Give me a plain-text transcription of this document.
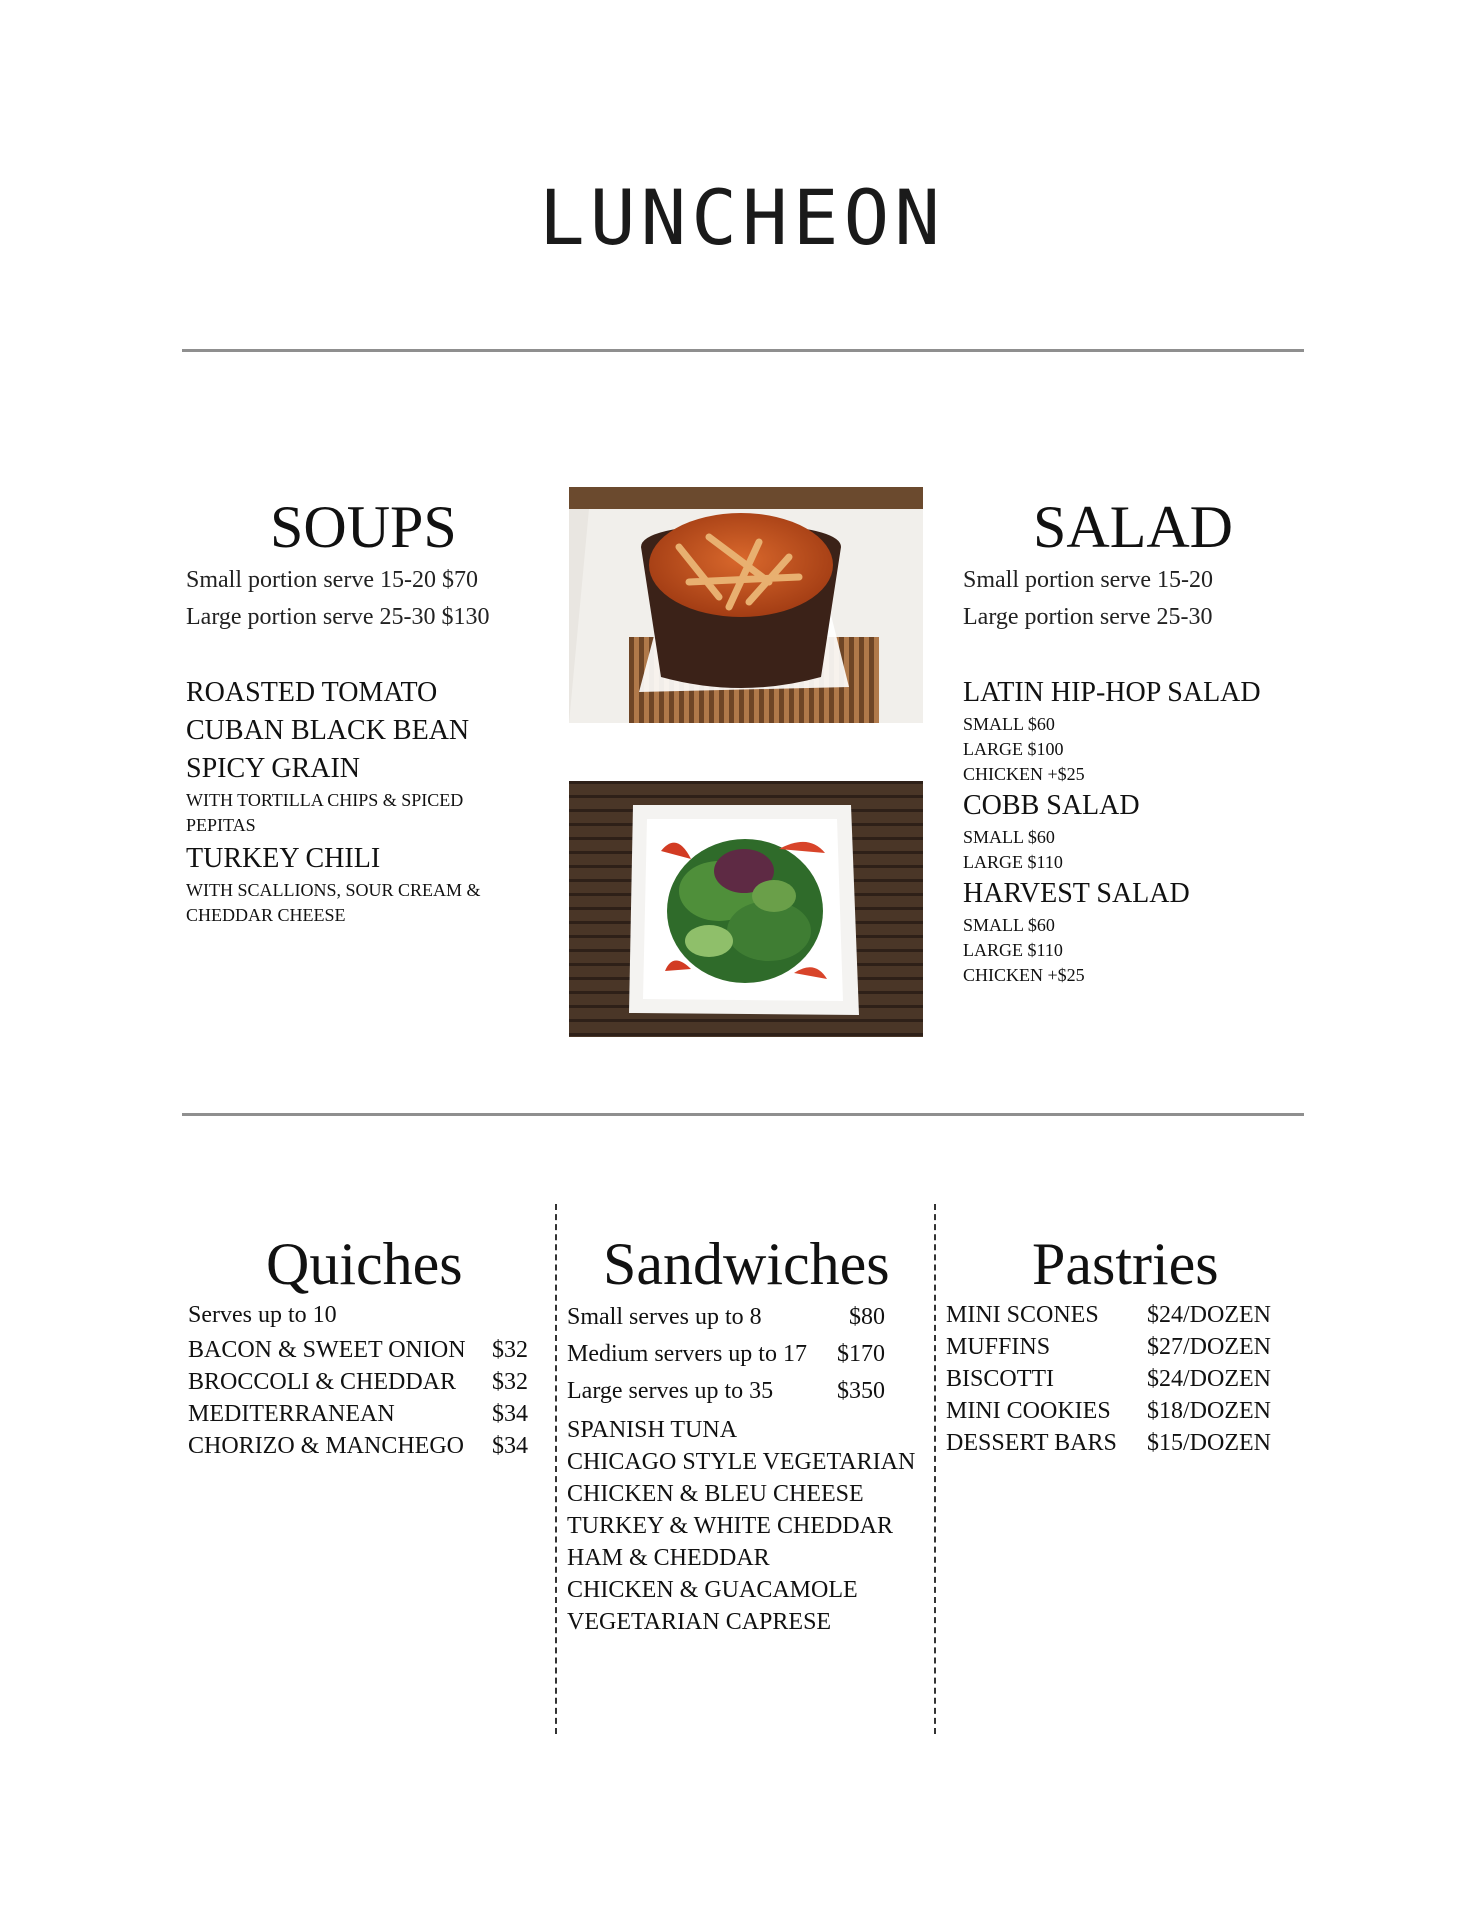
LUNCHEON
SOUPS
Small portion serve 15-20 $70
Large portion serve 25-30 $130
ROASTED TOMATO
CUBAN BLACK BEAN
SPICY GRAIN
WITH TORTILLA CHIPS & SPICED PEPITAS
TURKEY CHILI
WITH SCALLIONS, SOUR CREAM & CHEDDAR CHEESE
SALAD
Small portion serve 15-20
Large portion serve 25-30
LATIN HIP-HOP SALAD
SMALL $60
LARGE $100
CHICKEN +$25
COBB SALAD
SMALL $60
LARGE $110
HARVEST SALAD
SMALL $60
LARGE $110
CHICKEN +$25
Quiches
Serves up to 10
BACON & SWEET ONION $32
BROCCOLI & CHEDDAR $32
MEDITERRANEAN	$34
CHORIZO & MANCHEGO $34
Sandwiches
Small serves up to 8	$80
Medium servers up to 17 $170
Large serves up to 35	$350
SPANISH TUNA
CHICAGO STYLE VEGETARIAN
CHICKEN & BLEU CHEESE
TURKEY & WHITE CHEDDAR
HAM & CHEDDAR
CHICKEN & GUACAMOLE
VEGETARIAN CAPRESE
Pastries
MINI SCONES $24/DOZEN
MUFFINS	$27/DOZEN
BISCOTTI	$24/DOZEN
MINI COOKIES $18/DOZEN
DESSERT BARS $15/DOZEN
